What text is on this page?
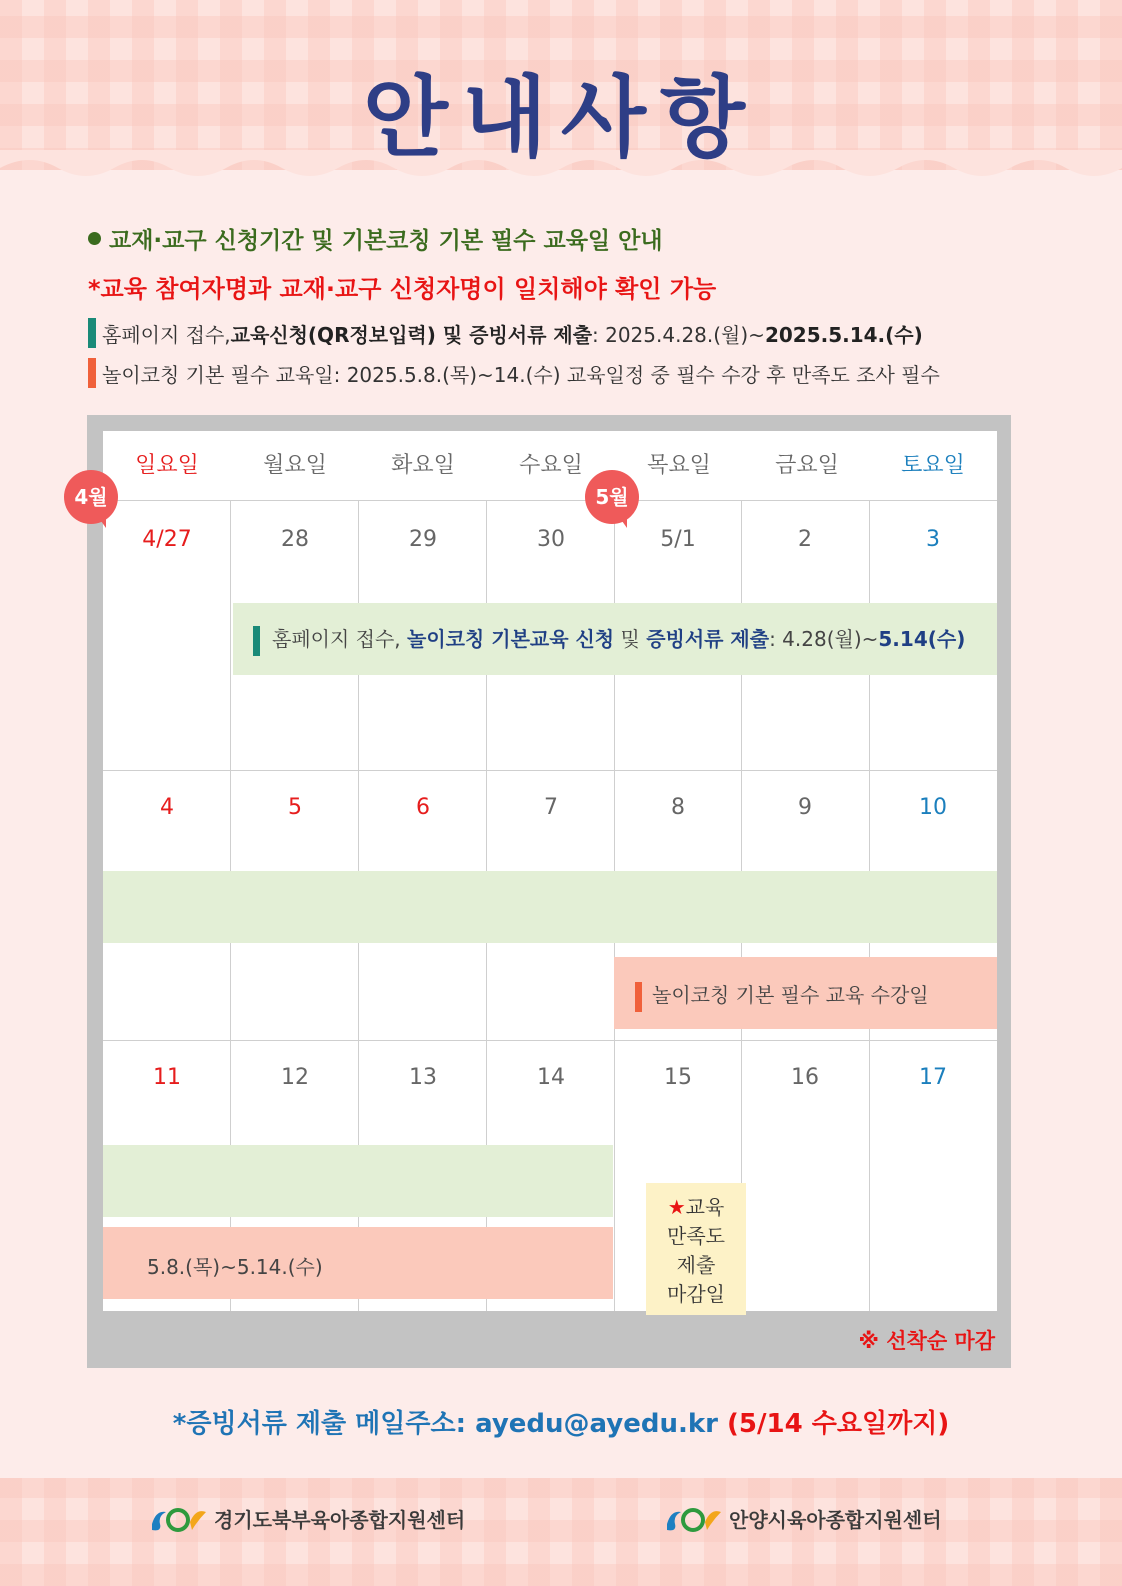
안내사항
교재·교구 신청기간 및 기본코칭 기본 필수 교육일 안내
*교육 참여자명과 교재·교구 신청자명이 일치해야 확인 가능
홈페이지 접수, 교육신청(QR정보입력) 및 증빙서류 제출 : 2025.4.28.(월)~ 2025.5.14.(수)
놀이코칭 기본 필수 교육일: 2025.5.8.(목)~14.(수) 교육일정 중 필수 수강 후 만족도 조사 필수
일요일	월요일	화요일	수요일	목요일	금요일	토요일
4/27	28	29	30	5/1	2	3
홈페이지 접수, 놀이코칭 기본교육 신청 및 증빙서류 제출: 4.28(월)~5.14(수)
4	5	6	7	8	9	10
놀이코칭 기본 필수 교육 수강일
11	12	13	14	15	16	17
5.8.(목)~5.14.(수)
★교육
만족도
제출
마감일
※ 선착순 마감
4월	5월
*증빙서류 제출 메일주소: ayedu@ayedu.kr (5/14 수요일까지)
경기도북부육아종합지원센터	안양시육아종합지원센터
